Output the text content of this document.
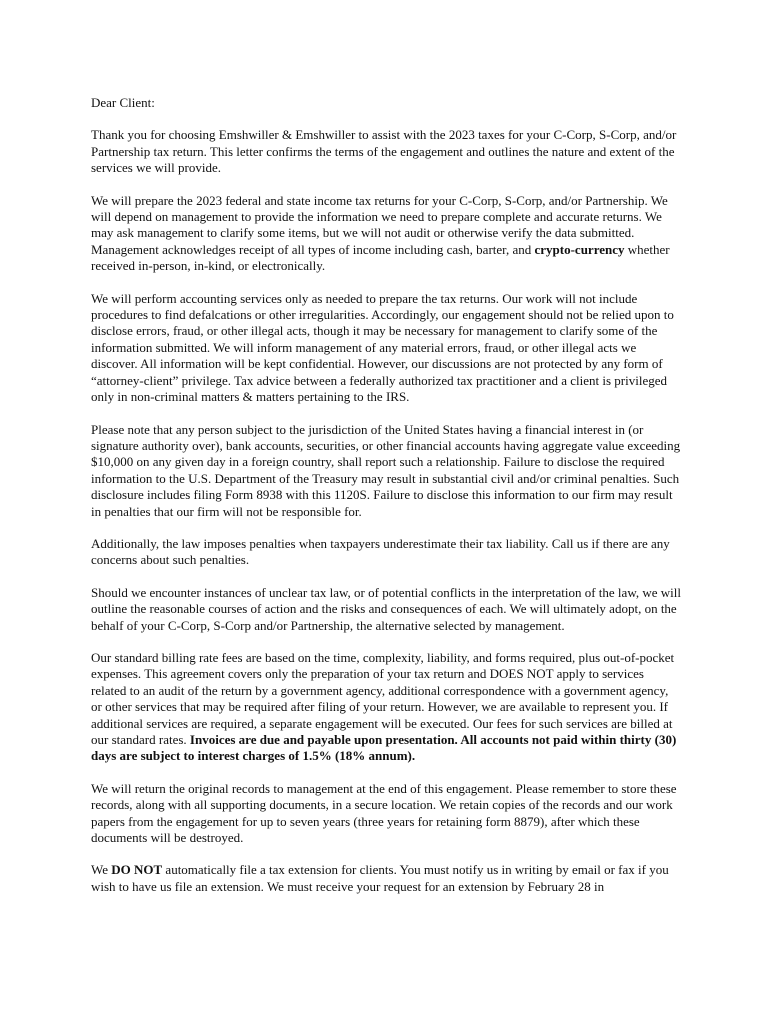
Dear Client:

Thank you for choosing Emshwiller & Emshwiller to assist with the 2023 taxes for your C-Corp, S-Corp, and/or Partnership tax return. This letter confirms the terms of the engagement and outlines the nature and extent of the services we will provide.

We will prepare the 2023 federal and state income tax returns for your C-Corp, S-Corp, and/or Partnership. We will depend on management to provide the information we need to prepare complete and accurate returns. We may ask management to clarify some items, but we will not audit or otherwise verify the data submitted. Management acknowledges receipt of all types of income including cash, barter, and crypto-currency whether received in-person, in-kind, or electronically.

We will perform accounting services only as needed to prepare the tax returns. Our work will not include procedures to find defalcations or other irregularities. Accordingly, our engagement should not be relied upon to disclose errors, fraud, or other illegal acts, though it may be necessary for management to clarify some of the information submitted. We will inform management of any material errors, fraud, or other illegal acts we discover. All information will be kept confidential. However, our discussions are not protected by any form of “attorney-client” privilege. Tax advice between a federally authorized tax practitioner and a client is privileged only in non-criminal matters & matters pertaining to the IRS.

Please note that any person subject to the jurisdiction of the United States having a financial interest in (or signature authority over), bank accounts, securities, or other financial accounts having aggregate value exceeding $10,000 on any given day in a foreign country, shall report such a relationship. Failure to disclose the required information to the U.S. Department of the Treasury may result in substantial civil and/or criminal penalties. Such disclosure includes filing Form 8938 with this 1120S. Failure to disclose this information to our firm may result in penalties that our firm will not be responsible for.

Additionally, the law imposes penalties when taxpayers underestimate their tax liability. Call us if there are any concerns about such penalties.

Should we encounter instances of unclear tax law, or of potential conflicts in the interpretation of the law, we will outline the reasonable courses of action and the risks and consequences of each. We will ultimately adopt, on the behalf of your C-Corp, S-Corp and/or Partnership, the alternative selected by management.

Our standard billing rate fees are based on the time, complexity, liability, and forms required, plus out-of-pocket expenses. This agreement covers only the preparation of your tax return and DOES NOT apply to services related to an audit of the return by a government agency, additional correspondence with a government agency, or other services that may be required after filing of your return. However, we are available to represent you. If additional services are required, a separate engagement will be executed. Our fees for such services are billed at our standard rates. Invoices are due and payable upon presentation. All accounts not paid within thirty (30) days are subject to interest charges of 1.5% (18% annum).

We will return the original records to management at the end of this engagement. Please remember to store these records, along with all supporting documents, in a secure location. We retain copies of the records and our work papers from the engagement for up to seven years (three years for retaining form 8879), after which these documents will be destroyed.

We DO NOT automatically file a tax extension for clients. You must notify us in writing by email or fax if you wish to have us file an extension. We must receive your request for an extension by February 28 in
